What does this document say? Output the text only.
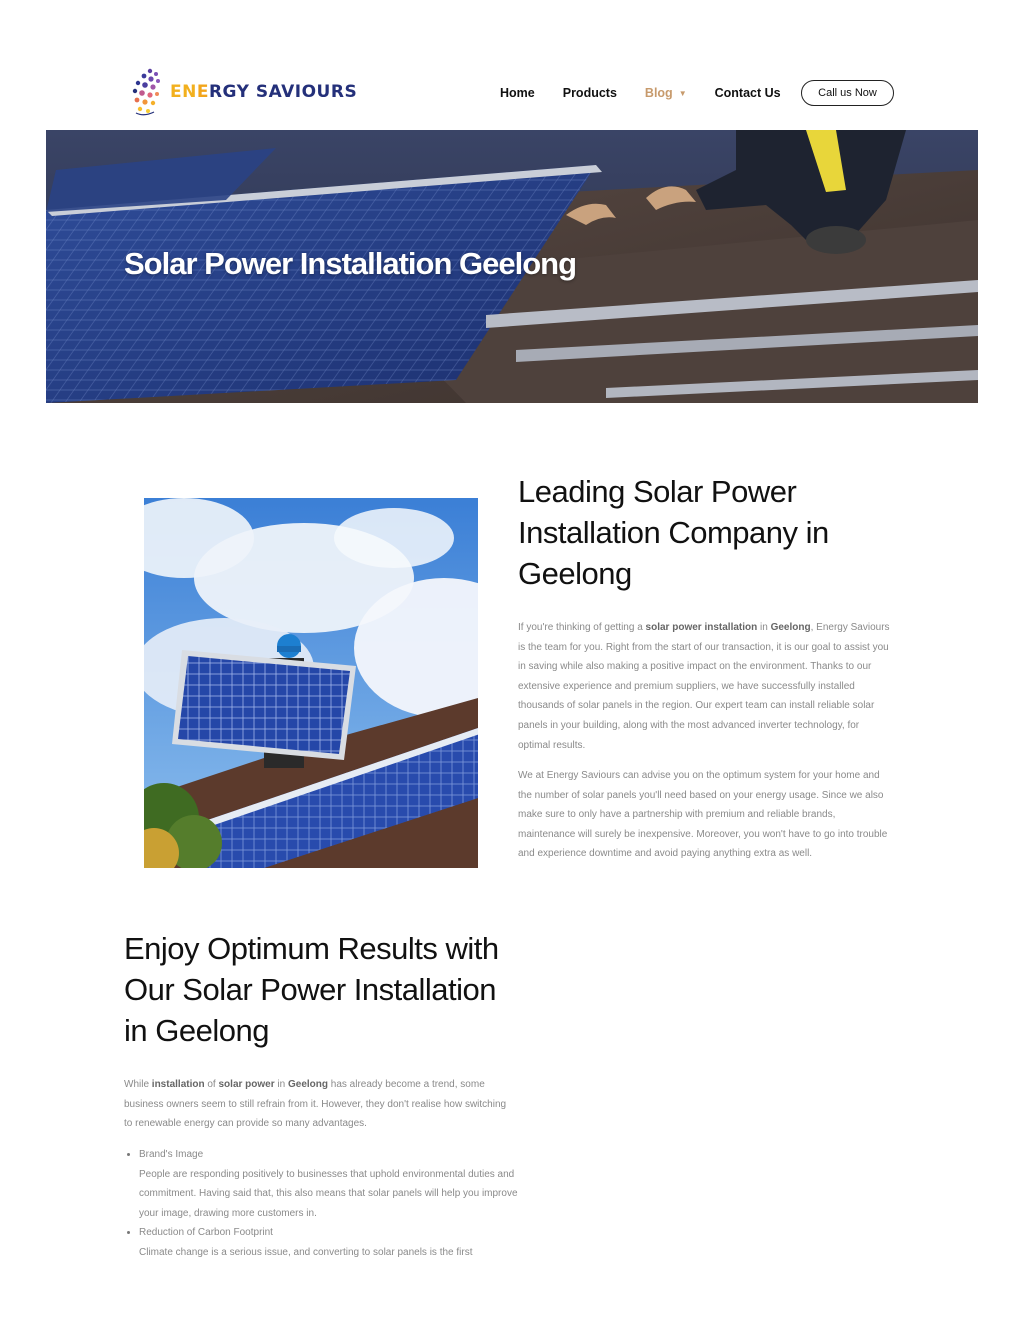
ENERGY SAVIOURS	Home Products Blog ▼ Contact Us	Call us Now
Solar Power Installation Geelong
Leading Solar Power Installation Company in Geelong

If you're thinking of getting a solar power installation in Geelong, Energy Saviours is the team for you. Right from the start of our transaction, it is our goal to assist you in saving while also making a positive impact on the environment. Thanks to our extensive experience and premium suppliers, we have successfully installed thousands of solar panels in the region. Our expert team can install reliable solar panels in your building, along with the most advanced inverter technology, for optimal results.

We at Energy Saviours can advise you on the optimum system for your home and the number of solar panels you'll need based on your energy usage. Since we also make sure to only have a partnership with premium and reliable brands, maintenance will surely be inexpensive. Moreover, you won't have to go into trouble and experience downtime and avoid paying anything extra as well.

Enjoy Optimum Results with Our Solar Power Installation in Geelong

While installation of solar power in Geelong has already become a trend, some business owners seem to still refrain from it. However, they don't realise how switching to renewable energy can provide so many advantages.

• Brand's Image
People are responding positively to businesses that uphold environmental duties and commitment. Having said that, this also means that solar panels will help you improve your image, drawing more customers in.
• Reduction of Carbon Footprint
Climate change is a serious issue, and converting to solar panels is the first
